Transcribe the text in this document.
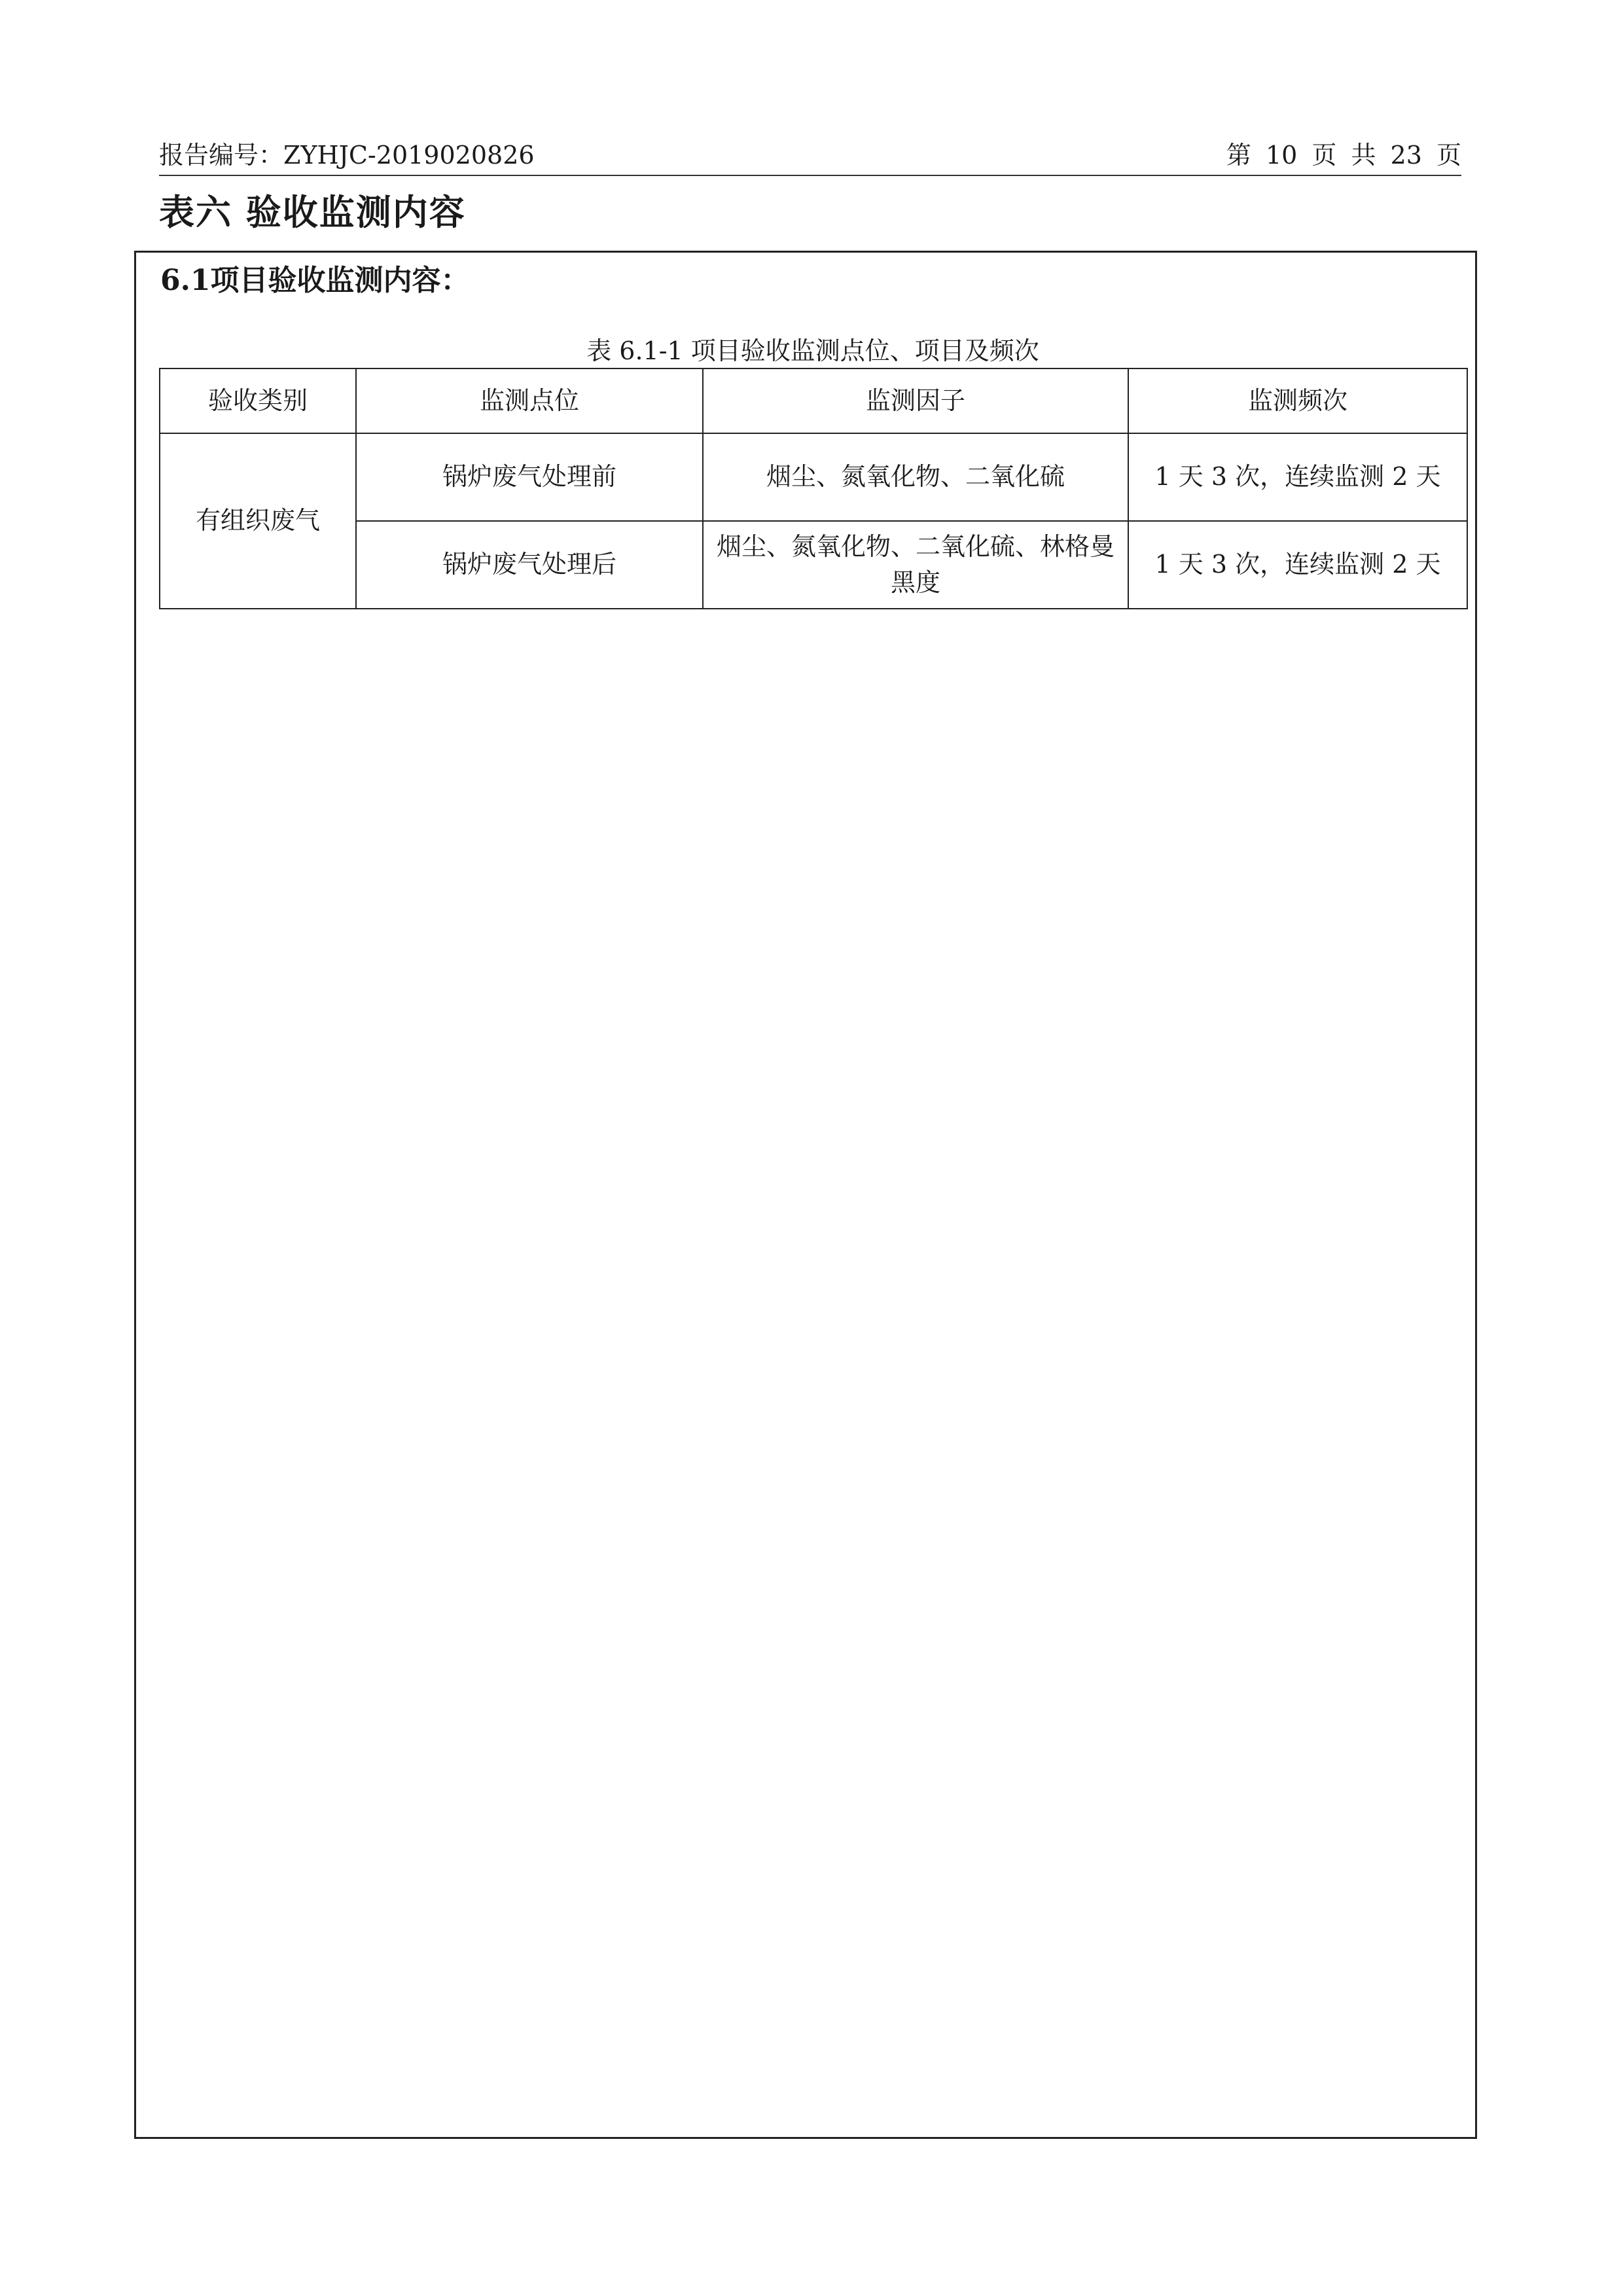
报告编号：ZYHJC-2019020826	第 10 页 共 23 页
表六 验收监测内容
6.1项目验收监测内容：
表 6.1-1 项目验收监测点位、项目及频次
验收类别	监测点位	监测因子	监测频次
有组织废气	锅炉废气处理前	烟尘、氮氧化物、二氧化硫	1 天 3 次，连续监测 2 天
	锅炉废气处理后	烟尘、氮氧化物、二氧化硫、林格曼黑度	1 天 3 次，连续监测 2 天
